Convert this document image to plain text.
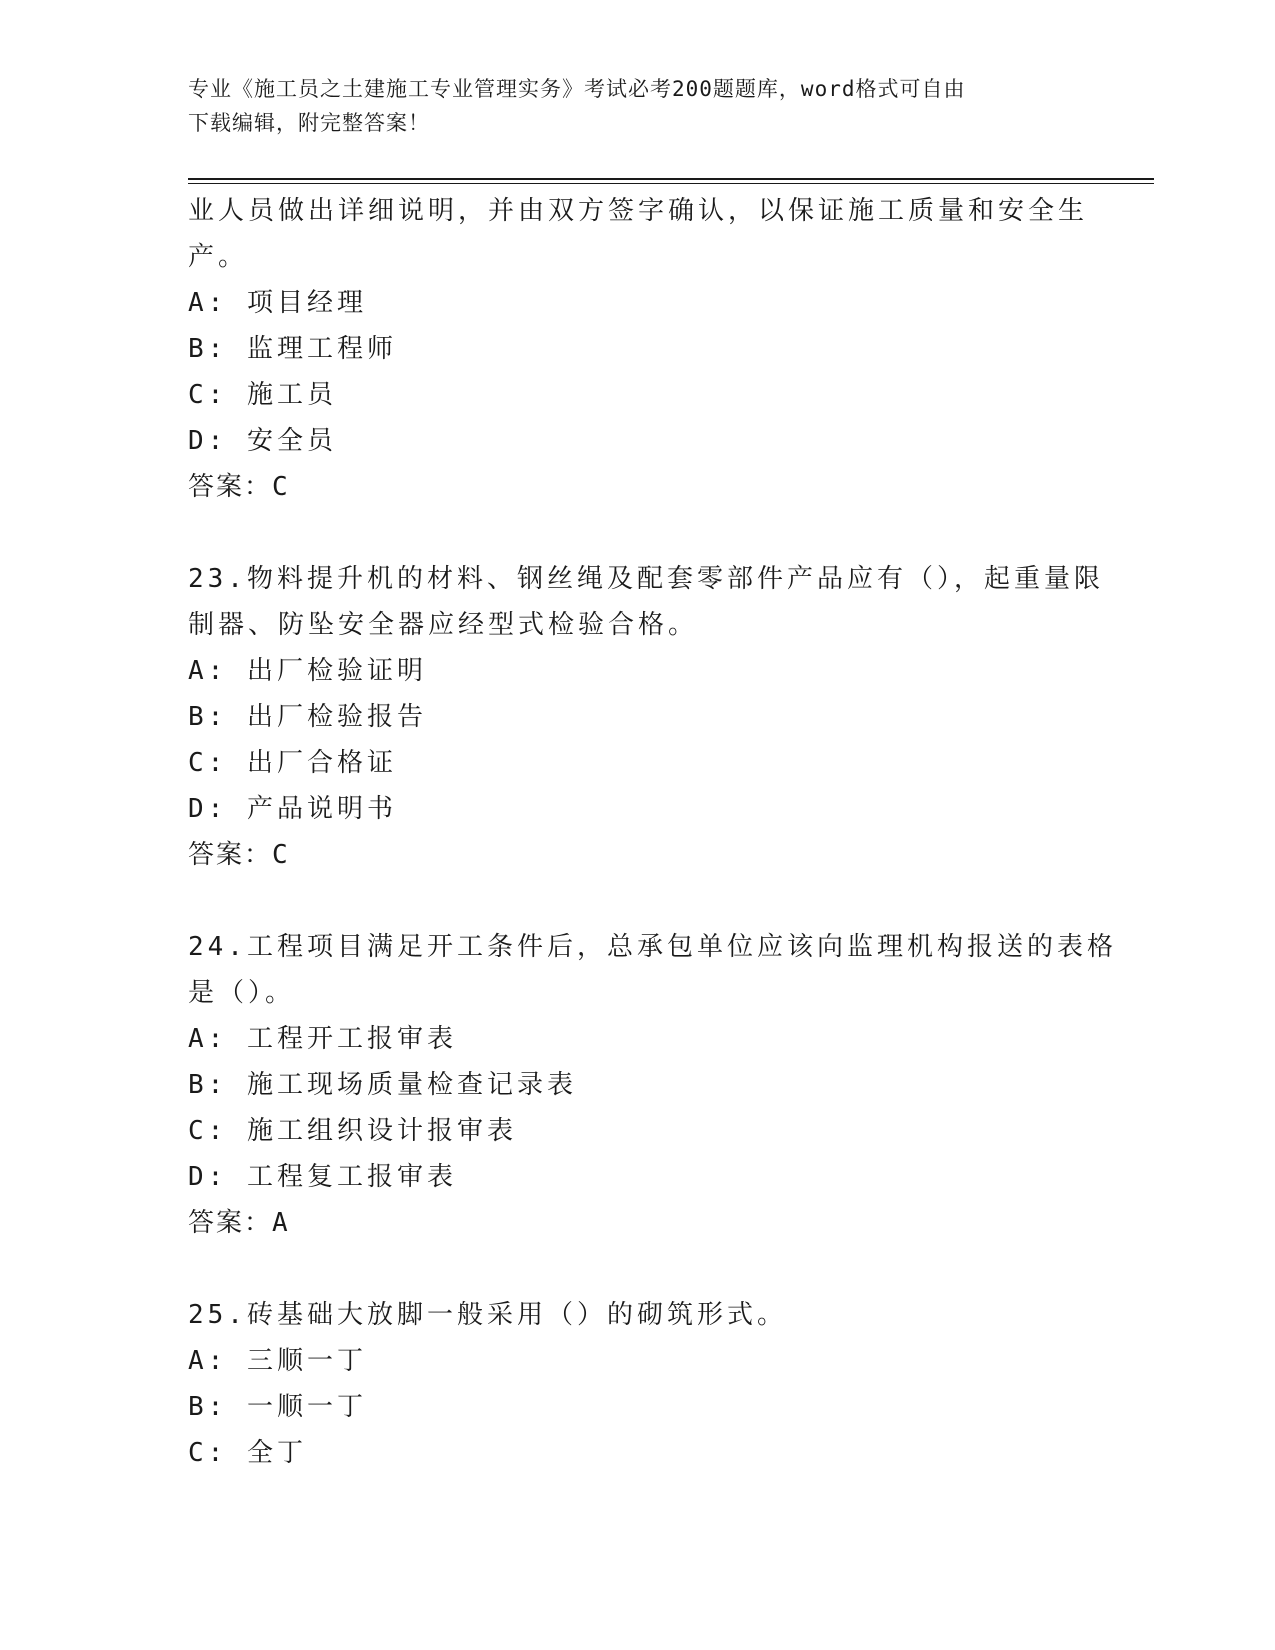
专业《施工员之土建施工专业管理实务》考试必考200题题库，word格式可自由
下载编辑，附完整答案！
业人员做出详细说明，并由双方签字确认，以保证施工质量和安全生
产。
A: 项目经理
B: 监理工程师
C: 施工员
D: 安全员
答案：C
23.物料提升机的材料、钢丝绳及配套零部件产品应有（），起重量限
制器、防坠安全器应经型式检验合格。
A: 出厂检验证明
B: 出厂检验报告
C: 出厂合格证
D: 产品说明书
答案：C
24.工程项目满足开工条件后，总承包单位应该向监理机构报送的表格
是（）。
A: 工程开工报审表
B: 施工现场质量检查记录表
C: 施工组织设计报审表
D: 工程复工报审表
答案：A
25.砖基础大放脚一般采用（）的砌筑形式。
A: 三顺一丁
B: 一顺一丁
C: 全丁
